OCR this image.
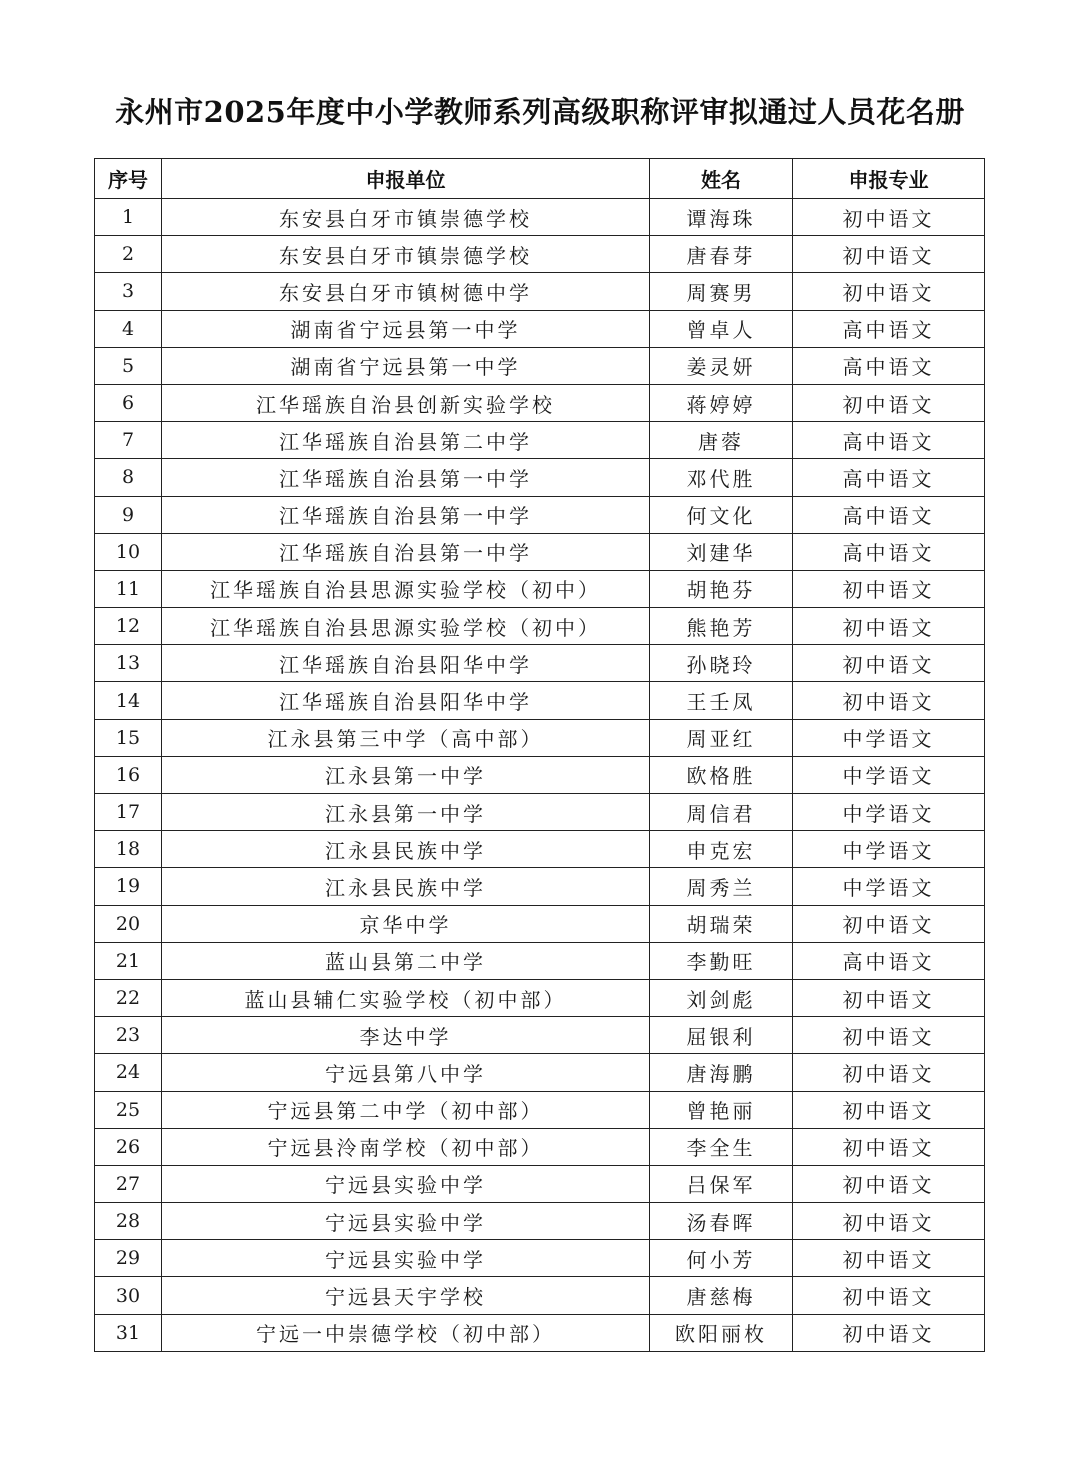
永州市2025年度中小学教师系列高级职称评审拟通过人员花名册
序号	申报单位	姓名	申报专业
1	东安县白牙市镇崇德学校	谭海珠	初中语文
2	东安县白牙市镇崇德学校	唐春芽	初中语文
3	东安县白牙市镇树德中学	周赛男	初中语文
4	湖南省宁远县第一中学	曾卓人	高中语文
5	湖南省宁远县第一中学	姜灵妍	高中语文
6	江华瑶族自治县创新实验学校	蒋婷婷	初中语文
7	江华瑶族自治县第二中学	唐蓉	高中语文
8	江华瑶族自治县第一中学	邓代胜	高中语文
9	江华瑶族自治县第一中学	何文化	高中语文
10	江华瑶族自治县第一中学	刘建华	高中语文
11	江华瑶族自治县思源实验学校（初中）	胡艳芬	初中语文
12	江华瑶族自治县思源实验学校（初中）	熊艳芳	初中语文
13	江华瑶族自治县阳华中学	孙晓玲	初中语文
14	江华瑶族自治县阳华中学	王壬凤	初中语文
15	江永县第三中学（高中部）	周亚红	中学语文
16	江永县第一中学	欧格胜	中学语文
17	江永县第一中学	周信君	中学语文
18	江永县民族中学	申克宏	中学语文
19	江永县民族中学	周秀兰	中学语文
20	京华中学	胡瑞荣	初中语文
21	蓝山县第二中学	李勤旺	高中语文
22	蓝山县辅仁实验学校（初中部）	刘剑彪	初中语文
23	李达中学	屈银利	初中语文
24	宁远县第八中学	唐海鹏	初中语文
25	宁远县第二中学（初中部）	曾艳丽	初中语文
26	宁远县泠南学校（初中部）	李全生	初中语文
27	宁远县实验中学	吕保军	初中语文
28	宁远县实验中学	汤春晖	初中语文
29	宁远县实验中学	何小芳	初中语文
30	宁远县天宇学校	唐慈梅	初中语文
31	宁远一中崇德学校（初中部）	欧阳丽枚	初中语文
